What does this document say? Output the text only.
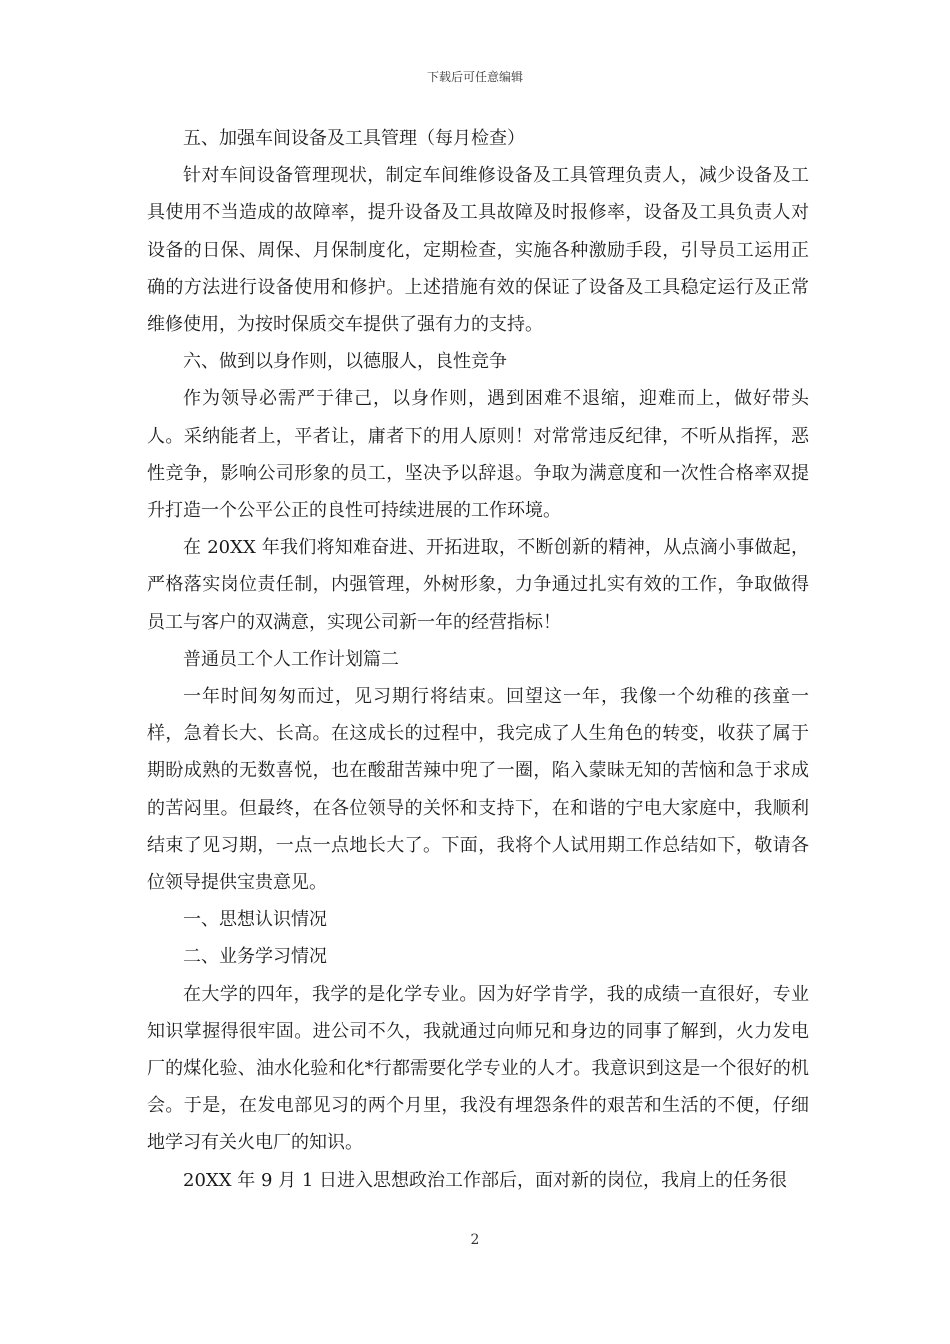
下载后可任意编辑

五、加强车间设备及工具管理（每月检查）

针对车间设备管理现状，制定车间维修设备及工具管理负责人，减少设备及工具使用不当造成的故障率，提升设备及工具故障及时报修率，设备及工具负责人对设备的日保、周保、月保制度化，定期检查，实施各种激励手段，引导员工运用正确的方法进行设备使用和修护。上述措施有效的保证了设备及工具稳定运行及正常维修使用，为按时保质交车提供了强有力的支持。

六、做到以身作则，以德服人，良性竞争

作为领导必需严于律己，以身作则，遇到困难不退缩，迎难而上，做好带头人。采纳能者上，平者让，庸者下的用人原则！对常常违反纪律，不听从指挥，恶性竞争，影响公司形象的员工，坚决予以辞退。争取为满意度和一次性合格率双提升打造一个公平公正的良性可持续进展的工作环境。

在 20XX 年我们将知难奋进、开拓进取，不断创新的精神，从点滴小事做起，严格落实岗位责任制，内强管理，外树形象，力争通过扎实有效的工作，争取做得员工与客户的双满意，实现公司新一年的经营指标！

普通员工个人工作计划篇二

一年时间匆匆而过，见习期行将结束。回望这一年，我像一个幼稚的孩童一样，急着长大、长高。在这成长的过程中，我完成了人生角色的转变，收获了属于期盼成熟的无数喜悦，也在酸甜苦辣中兜了一圈，陷入蒙昧无知的苦恼和急于求成的苦闷里。但最终，在各位领导的关怀和支持下，在和谐的宁电大家庭中，我顺利结束了见习期，一点一点地长大了。下面，我将个人试用期工作总结如下，敬请各位领导提供宝贵意见。

一、思想认识情况

二、业务学习情况

在大学的四年，我学的是化学专业。因为好学肯学，我的成绩一直很好，专业知识掌握得很牢固。进公司不久，我就通过向师兄和身边的同事了解到，火力发电厂的煤化验、油水化验和化*行都需要化学专业的人才。我意识到这是一个很好的机会。于是，在发电部见习的两个月里，我没有埋怨条件的艰苦和生活的不便，仔细地学习有关火电厂的知识。

20XX 年 9 月 1 日进入思想政治工作部后，面对新的岗位，我肩上的任务很

2
